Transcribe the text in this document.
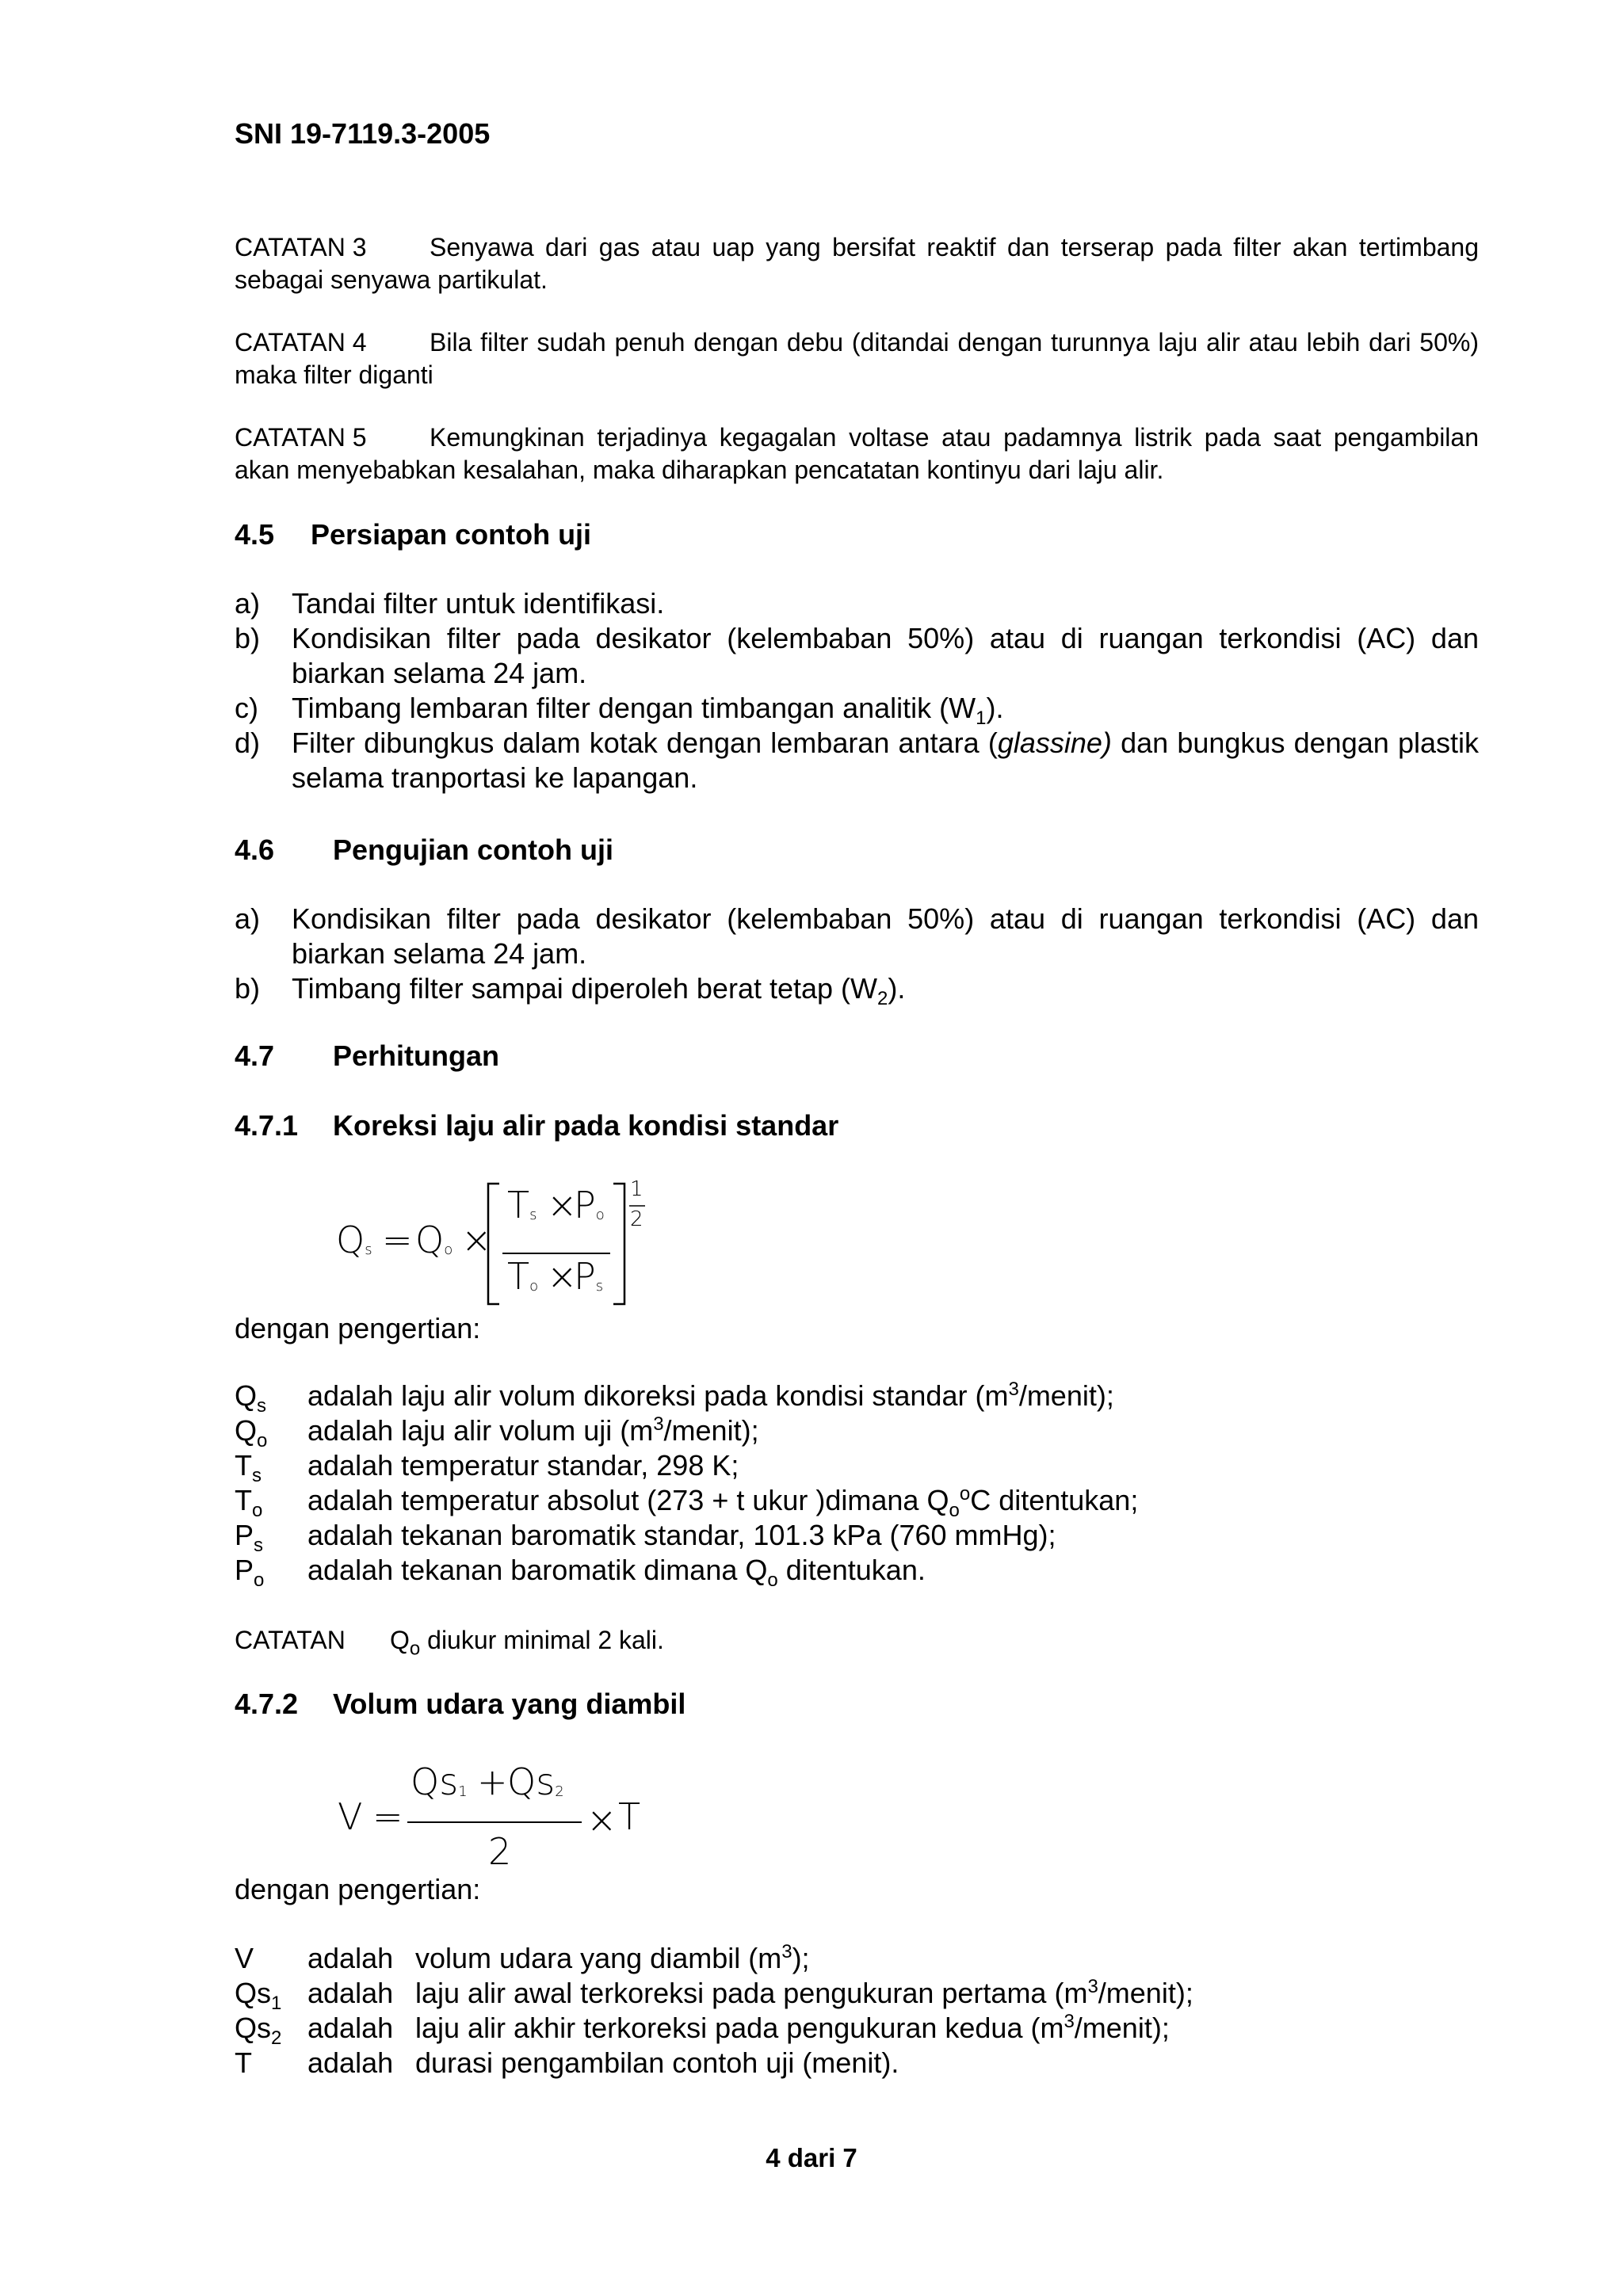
SNI 19-7119.3-2005
CATATAN 3 Senyawa dari gas atau uap yang bersifat reaktif dan terserap pada filter akan tertimbang sebagai senyawa partikulat.
CATATAN 4 Bila filter sudah penuh dengan debu (ditandai dengan turunnya laju alir atau lebih dari 50%) maka filter diganti
CATATAN 5 Kemungkinan terjadinya kegagalan voltase atau padamnya listrik pada saat pengambilan akan menyebabkan kesalahan, maka diharapkan pencatatan kontinyu dari laju alir.
4.5 Persiapan contoh uji
a) Tandai filter untuk identifikasi.
b) Kondisikan filter pada desikator (kelembaban 50%) atau di ruangan terkondisi (AC) dan biarkan selama 24 jam.
c) Timbang lembaran filter dengan timbangan analitik $(W_1)$.
d) Filter dibungkus dalam kotak dengan lembaran antara (glassine) dan bungkus dengan plastik selama tranportasi ke lapangan.
4.6 Pengujian contoh uji
a) Kondisikan filter pada desikator (kelembaban 50%) atau di ruangan terkondisi (AC) dan biarkan selama 24 jam.
b) Timbang filter sampai diperoleh berat tetap $(W_2)$.
4.7 Perhitungan
4.7.1 Koreksi laju alir pada kondisi standar
$Q_s = Q_o$ ×
$T_s$ ×
$P_o$
$T_o$ ×
$P_s$
1
2
dengan pengertian:
$Q_s$	adalah laju alir volum dikoreksi pada kondisi standar $(m^3/menit)$;
$Q_o$	adalah laju alir volum uji $(m^3/menit)$;
$T_s$	adalah temperatur standar, 298 K;
$T_o$	adalah temperatur absolut (273 + t ukur )dimana $Q_o^oC$ ditentukan;
$P_s$	adalah tekanan baromatik standar, 101.3 kPa (760 mmHg);
$P_o$	adalah tekanan baromatik dimana $Q_o$ ditentukan.
CATATAN $Q_o$ diukur minimal 2 kali.
4.7.2 Volum udara yang diambil
V =
$Qs_1 + Qs_2$
2
× T
dengan pengertian:
V	adalah volum udara yang diambil $(m^3)$;
$Qs_1$ adalah laju alir awal terkoreksi pada pengukuran pertama $(m^3/menit)$;
$Qs_2$ adalah laju alir akhir terkoreksi pada pengukuran kedua $(m^3/menit)$;
T	adalah durasi pengambilan contoh uji (menit).
4 dari 7
